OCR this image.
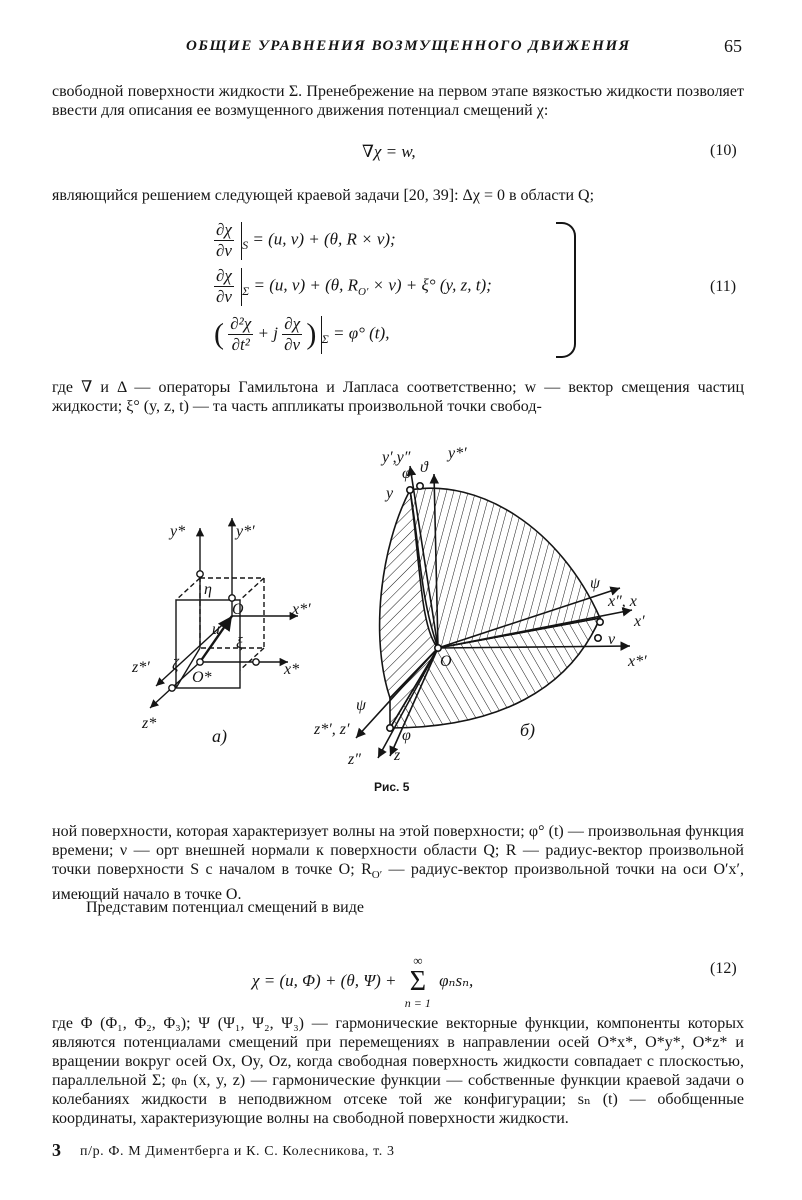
ОБЩИЕ УРАВНЕНИЯ ВОЗМУЩЕННОГО ДВИЖЕНИЯ	65

свободной поверхности жидкости Σ. Пренебрежение на первом этапе вязкостью жидкости позволяет ввести для описания ее возмущенного движения потенциал смещений χ:

∇χ = w,	(10)

являющийся решением следующей краевой задачи [20, 39]: Δχ = 0 в области Q;

$\frac{\partial\chi}{\partial\nu} _S = (u$, ν) + (θ, R × ν);
$\frac{\partial\chi}{\partial\nu} _\Sigma = (u$, ν) + (θ, $R_{O'} \times \nu) + \xi^\circ$ (y, z, t);
( $\frac{\text{∂²χ}}{\text{∂t²}} + j \frac{\partial\chi}{\partial\nu}$ ) $_\Sigma$ = φ° (t),
(11)

где ∇ и Δ — операторы Гамильтона и Лапласа соответственно; w — вектор смещения частиц жидкости; ξ° (y, z, t) — та часть аппликаты произвольной точки свобод-

y*	y*′
x*′
x*
z*′
z*
η
ξ
ζ
u
O
O*
а)
y′,y″ y*′
φ ϑ
y
ψ
x″, x
x′
ν
x*′
O
ψ
z*′, z′	φ
z
z″
б)
Рис. 5

ной поверхности, которая характеризует волны на этой поверхности; φ° (t) — произвольная функция времени; ν — орт внешней нормали к поверхности области Q; R — радиус-вектор произвольной точки поверхности S с началом в точке O; $R_{O'}$ — радиус-вектор произвольной точки на оси O′x′, имеющий начало в точке O.

Представим потенциал смещений в виде

χ = (u, Φ) + (θ, Ψ) +
∞
Σ
n = 1
φₙsₙ,
(12)

где Φ (Φ₁, Φ₂, Φ₃); Ψ (Ψ₁, Ψ₂, Ψ₃) — гармонические векторные функции, компоненты которых являются потенциалами смещений при перемещениях в направлении осей O*x*, O*y*, O*z* и вращении вокруг осей Ox, Oy, Oz, когда свободная поверхность жидкости совпадает с плоскостью, параллельной Σ; φₙ (x, y, z) — гармонические функции — собственные функции краевой задачи о колебаниях жидкости в неподвижном отсеке той же конфигурации; sₙ (t) — обобщенные координаты, характеризующие волны на свободной поверхности жидкости.

3 п/р. Ф. М Диментберга и К. С. Колесникова, т. 3
